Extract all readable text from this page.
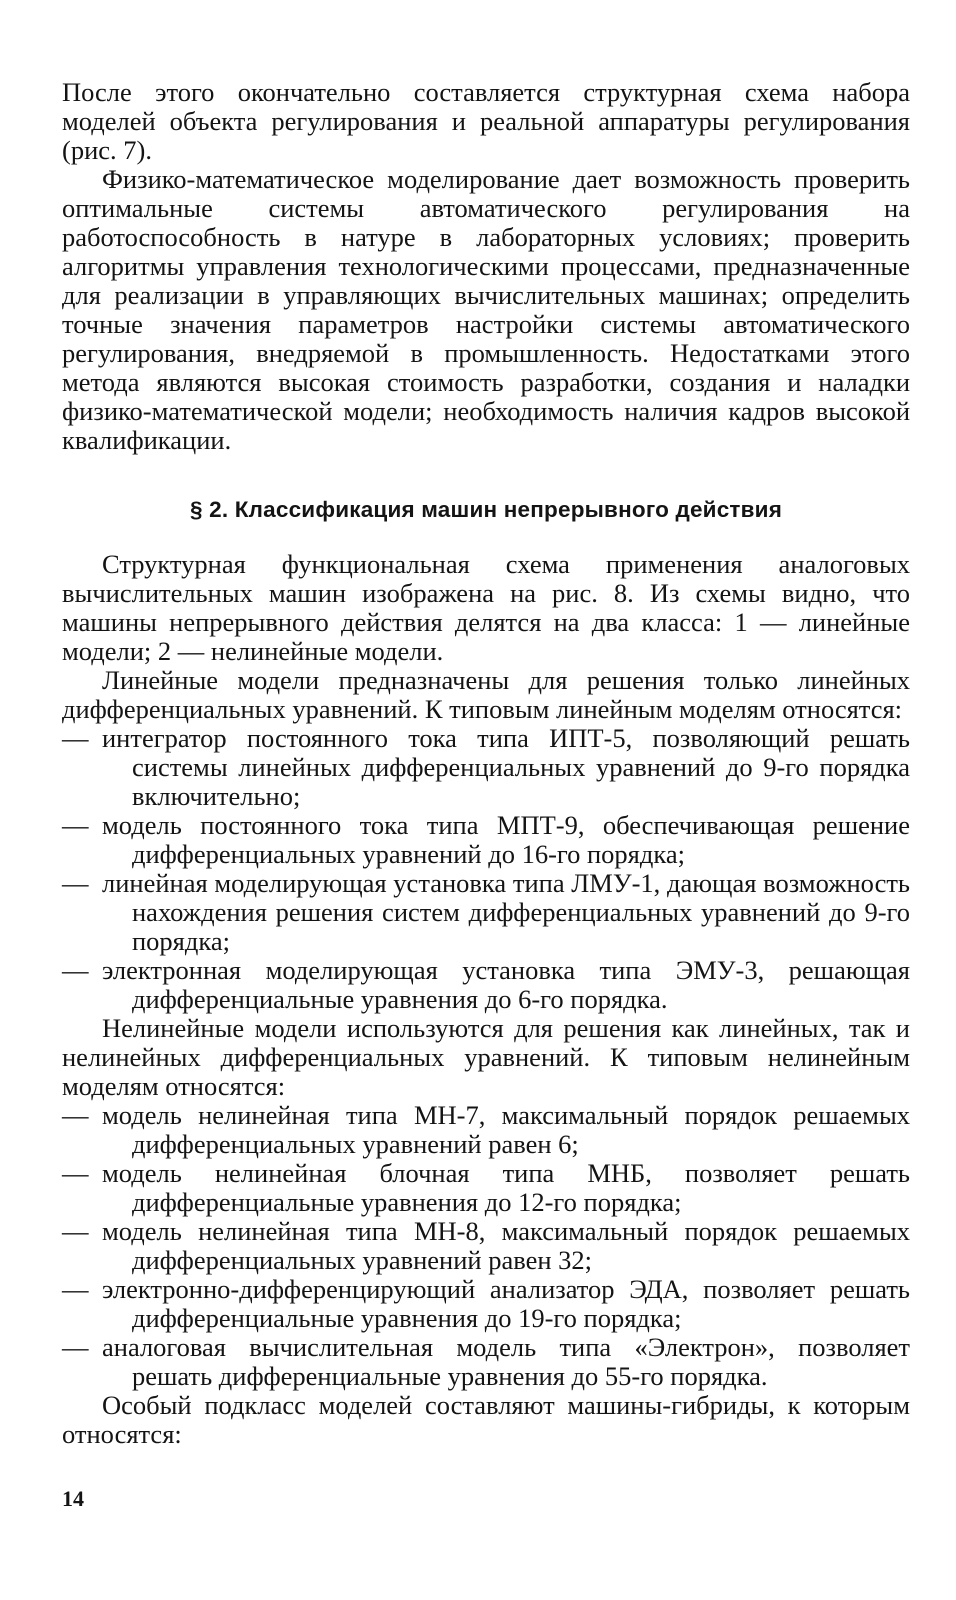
После этого окончательно составляется структурная схема набора моделей объекта регулирования и реальной аппаратуры регулирования (рис. 7).

Физико-математическое моделирование дает возможность проверить оптимальные системы автоматического регулирования на работоспособность в натуре в лабораторных условиях; проверить алгоритмы управления технологическими процессами, предназначенные для реализации в управляющих вычислительных машинах; определить точные значения параметров настройки системы автоматического регулирования, внедряемой в промышленность. Недостатками этого метода являются высокая стоимость разработки, создания и наладки физико-математической модели; необходимость наличия кадров высокой квалификации.

§ 2. Классификация машин непрерывного действия

Структурная функциональная схема применения аналоговых вычислительных машин изображена на рис. 8. Из схемы видно, что машины непрерывного действия делятся на два класса: 1 — линейные модели; 2 — нелинейные модели.

Линейные модели предназначены для решения только линейных дифференциальных уравнений. К типовым линейным моделям относятся:

— интегратор постоянного тока типа ИПТ-5, позволяющий решать системы линейных дифференциальных уравнений до 9-го порядка включительно;
— модель постоянного тока типа МПТ-9, обеспечивающая решение дифференциальных уравнений до 16-го порядка;
— линейная моделирующая установка типа ЛМУ-1, дающая возможность нахождения решения систем дифференциальных уравнений до 9-го порядка;
— электронная моделирующая установка типа ЭМУ-3, решающая дифференциальные уравнения до 6-го порядка.

Нелинейные модели используются для решения как линейных, так и нелинейных дифференциальных уравнений. К типовым нелинейным моделям относятся:

— модель нелинейная типа МН-7, максимальный порядок решаемых дифференциальных уравнений равен 6;
— модель нелинейная блочная типа МНБ, позволяет решать дифференциальные уравнения до 12-го порядка;
— модель нелинейная типа МН-8, максимальный порядок решаемых дифференциальных уравнений равен 32;
— электронно-дифференцирующий анализатор ЭДА, позволяет решать дифференциальные уравнения до 19-го порядка;
— аналоговая вычислительная модель типа «Электрон», позволяет решать дифференциальные уравнения до 55-го порядка.

Особый подкласс моделей составляют машины-гибриды, к которым относятся:

14
